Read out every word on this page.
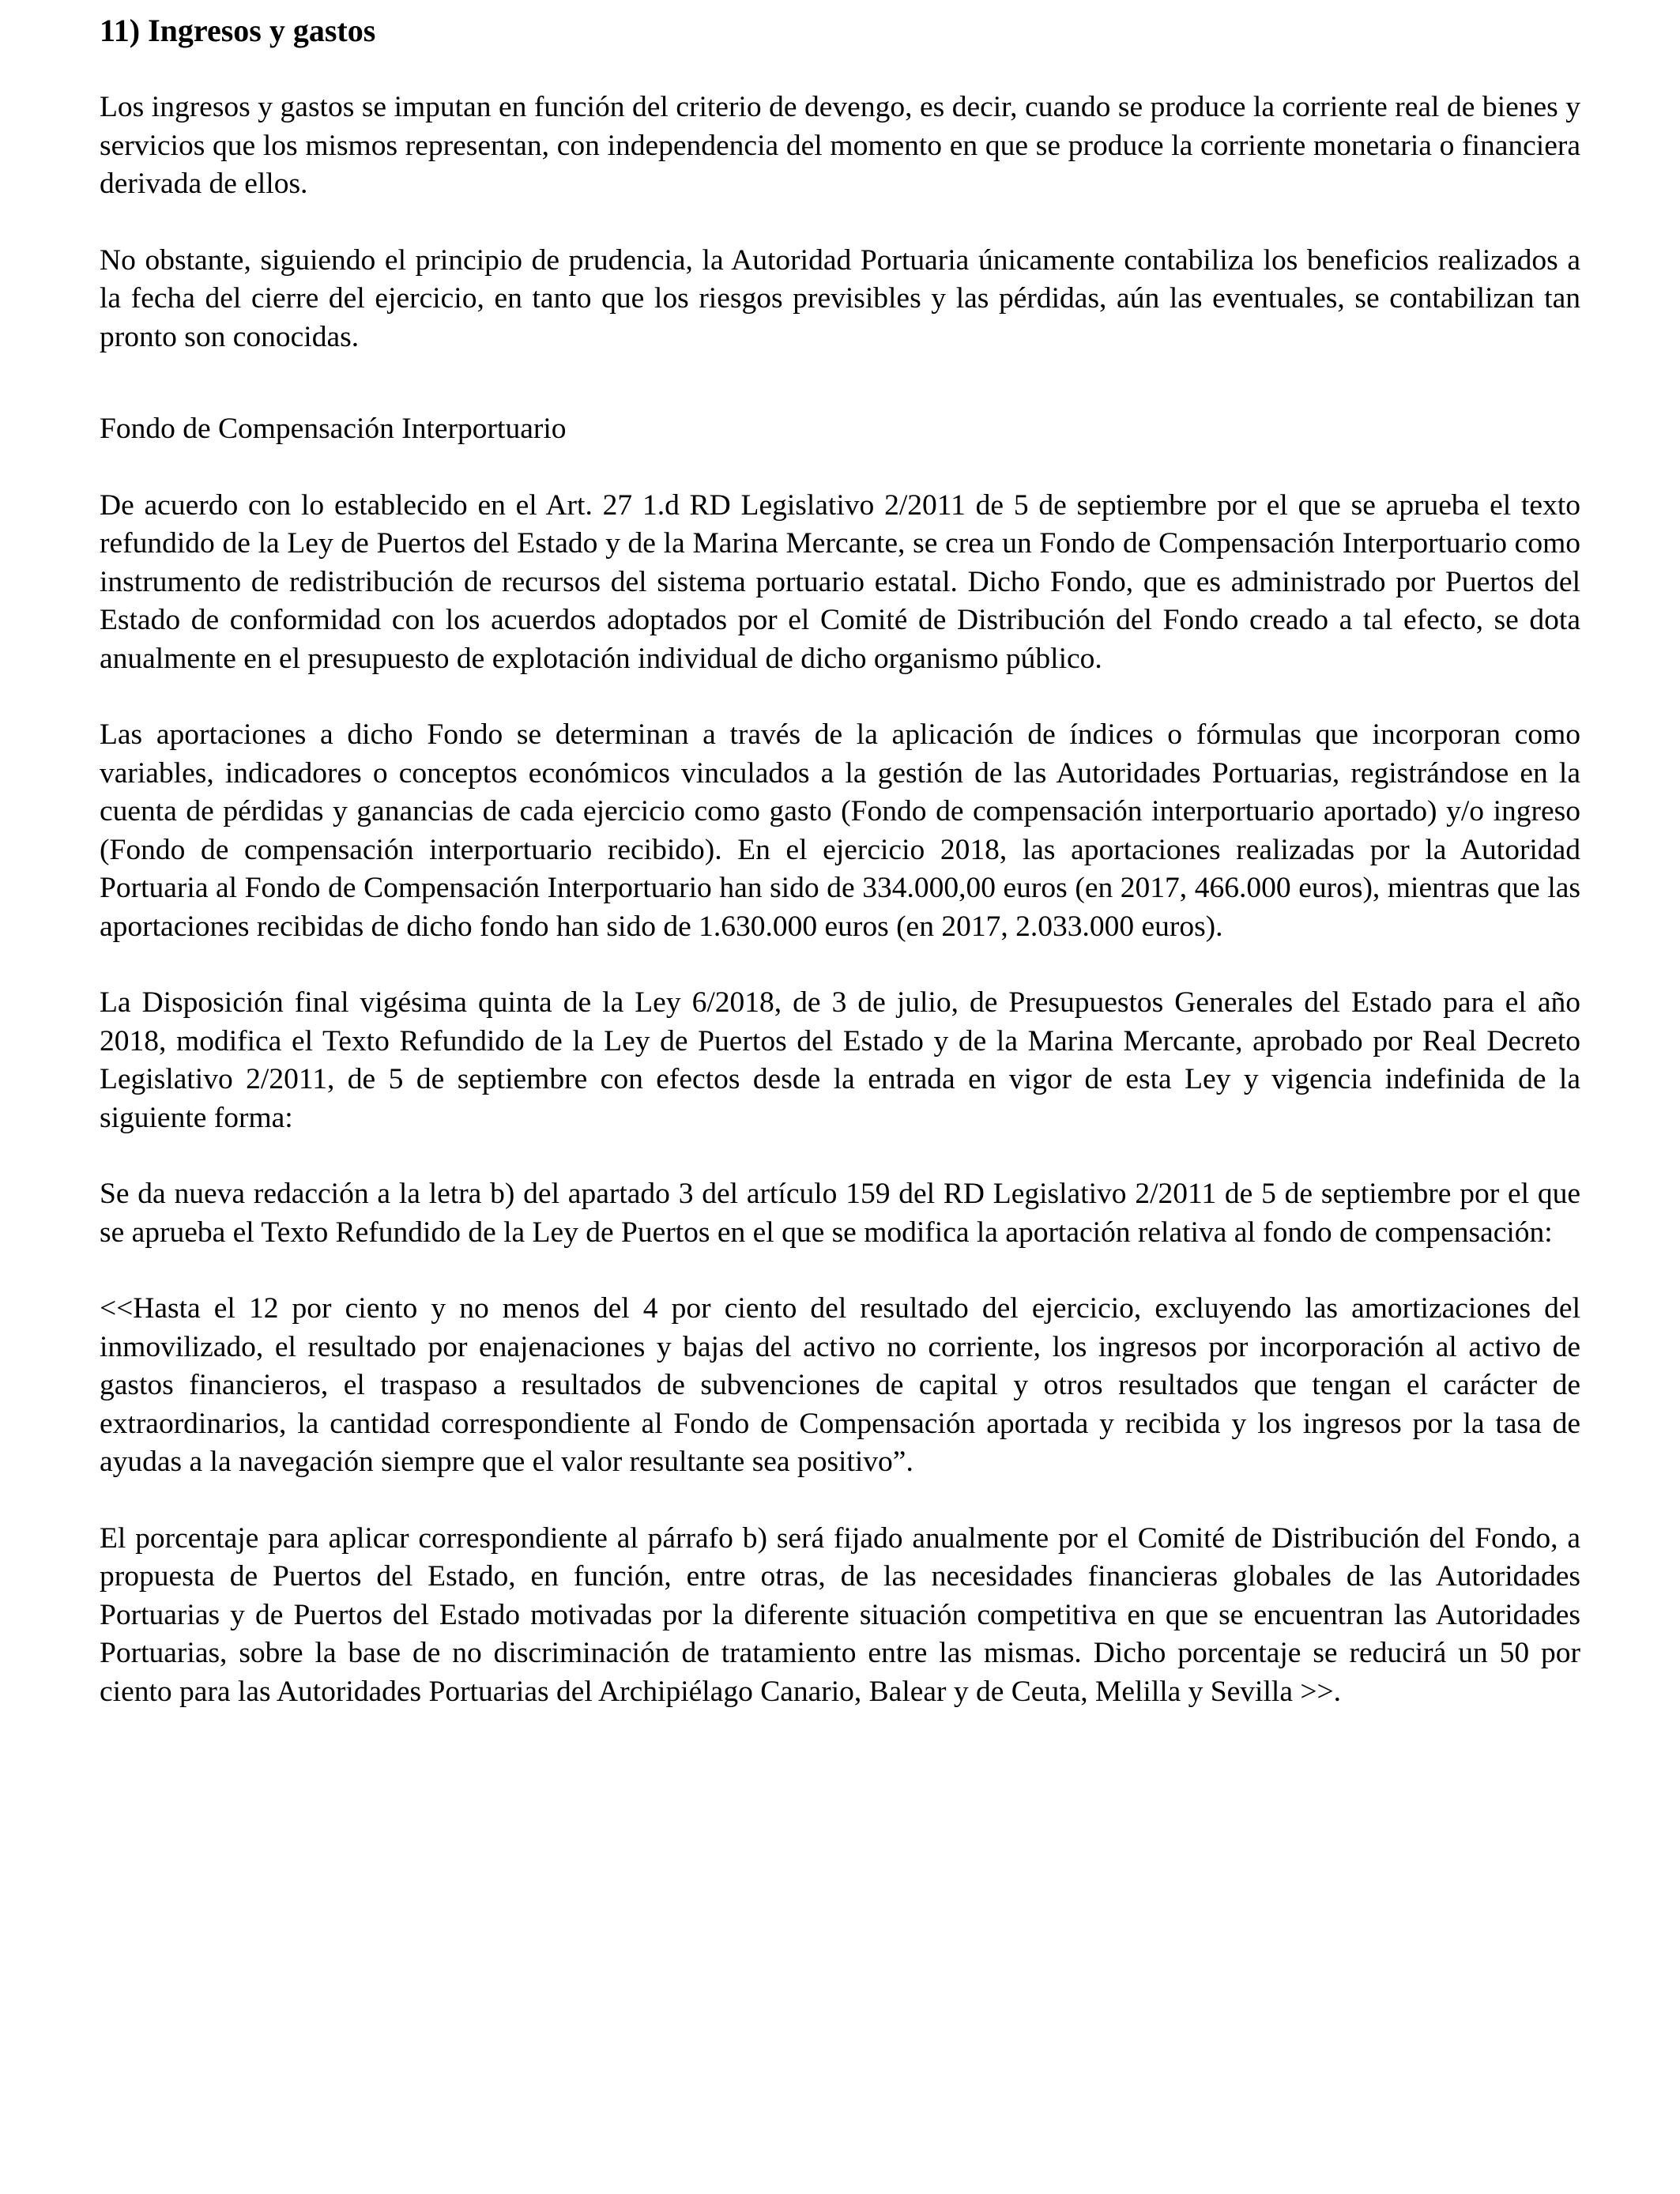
11) Ingresos y gastos

Los ingresos y gastos se imputan en función del criterio de devengo, es decir, cuando se produce la corriente real de bienes y servicios que los mismos representan, con independencia del momento en que se produce la corriente monetaria o financiera derivada de ellos.

No obstante, siguiendo el principio de prudencia, la Autoridad Portuaria únicamente contabiliza los beneficios realizados a la fecha del cierre del ejercicio, en tanto que los riesgos previsibles y las pérdidas, aún las eventuales, se contabilizan tan pronto son conocidas.

Fondo de Compensación Interportuario

De acuerdo con lo establecido en el Art. 27 1.d RD Legislativo 2/2011 de 5 de septiembre por el que se aprueba el texto refundido de la Ley de Puertos del Estado y de la Marina Mercante, se crea un Fondo de Compensación Interportuario como instrumento de redistribución de recursos del sistema portuario estatal. Dicho Fondo, que es administrado por Puertos del Estado de conformidad con los acuerdos adoptados por el Comité de Distribución del Fondo creado a tal efecto, se dota anualmente en el presupuesto de explotación individual de dicho organismo público.

Las aportaciones a dicho Fondo se determinan a través de la aplicación de índices o fórmulas que incorporan como variables, indicadores o conceptos económicos vinculados a la gestión de las Autoridades Portuarias, registrándose en la cuenta de pérdidas y ganancias de cada ejercicio como gasto (Fondo de compensación interportuario aportado) y/o ingreso (Fondo de compensación interportuario recibido). En el ejercicio 2018, las aportaciones realizadas por la Autoridad Portuaria al Fondo de Compensación Interportuario han sido de 334.000,00 euros (en 2017, 466.000 euros), mientras que las aportaciones recibidas de dicho fondo han sido de 1.630.000 euros (en 2017, 2.033.000 euros).

La Disposición final vigésima quinta de la Ley 6/2018, de 3 de julio, de Presupuestos Generales del Estado para el año 2018, modifica el Texto Refundido de la Ley de Puertos del Estado y de la Marina Mercante, aprobado por Real Decreto Legislativo 2/2011, de 5 de septiembre con efectos desde la entrada en vigor de esta Ley y vigencia indefinida de la siguiente forma:

Se da nueva redacción a la letra b) del apartado 3 del artículo 159 del RD Legislativo 2/2011 de 5 de septiembre por el que se aprueba el Texto Refundido de la Ley de Puertos en el que se modifica la aportación relativa al fondo de compensación:

<<Hasta el 12 por ciento y no menos del 4 por ciento del resultado del ejercicio, excluyendo las amortizaciones del inmovilizado, el resultado por enajenaciones y bajas del activo no corriente, los ingresos por incorporación al activo de gastos financieros, el traspaso a resultados de subvenciones de capital y otros resultados que tengan el carácter de extraordinarios, la cantidad correspondiente al Fondo de Compensación aportada y recibida y los ingresos por la tasa de ayudas a la navegación siempre que el valor resultante sea positivo”.

El porcentaje para aplicar correspondiente al párrafo b) será fijado anualmente por el Comité de Distribución del Fondo, a propuesta de Puertos del Estado, en función, entre otras, de las necesidades financieras globales de las Autoridades Portuarias y de Puertos del Estado motivadas por la diferente situación competitiva en que se encuentran las Autoridades Portuarias, sobre la base de no discriminación de tratamiento entre las mismas. Dicho porcentaje se reducirá un 50 por ciento para las Autoridades Portuarias del Archipiélago Canario, Balear y de Ceuta, Melilla y Sevilla >>.
